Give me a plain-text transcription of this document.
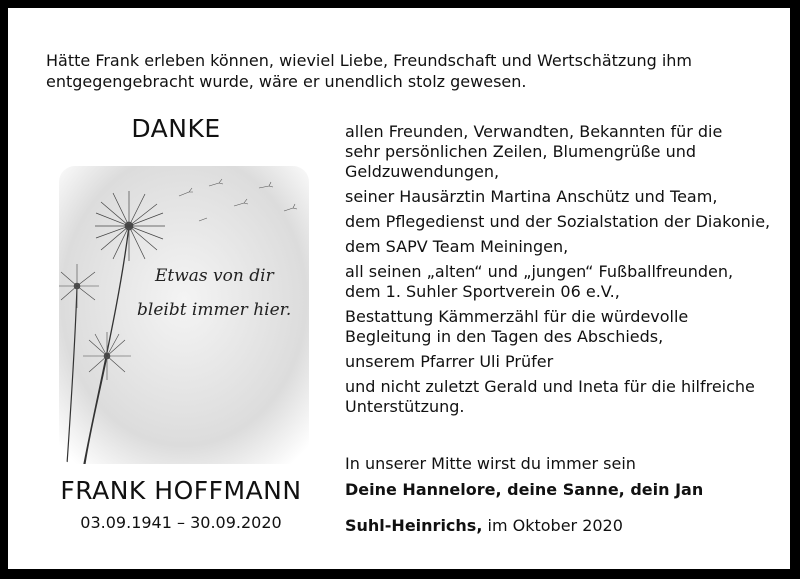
Hätte Frank erleben können, wieviel Liebe, Freundschaft und Wertschätzung ihm
entgegengebracht wurde, wäre er unendlich stolz gewesen.
DANKE
Etwas von dir
bleibt immer hier.
FRANK HOFFMANN
03.09.1941 – 30.09.2020
allen Freunden, Verwandten, Bekannten für die
sehr persönlichen Zeilen, Blumengrüße und
Geldzuwendungen,
seiner Hausärztin Martina Anschütz und Team,
dem Pflegedienst und der Sozialstation der Diakonie,
dem SAPV Team Meiningen,
all seinen „alten“ und „jungen“ Fußballfreunden,
dem 1. Suhler Sportverein 06 e.V.,
Bestattung Kämmerzähl für die würdevolle
Begleitung in den Tagen des Abschieds,
unserem Pfarrer Uli Prüfer
und nicht zuletzt Gerald und Ineta für die hilfreiche
Unterstützung.
In unserer Mitte wirst du immer sein
Deine Hannelore, deine Sanne, dein Jan
Suhl-Heinrichs, im Oktober 2020
